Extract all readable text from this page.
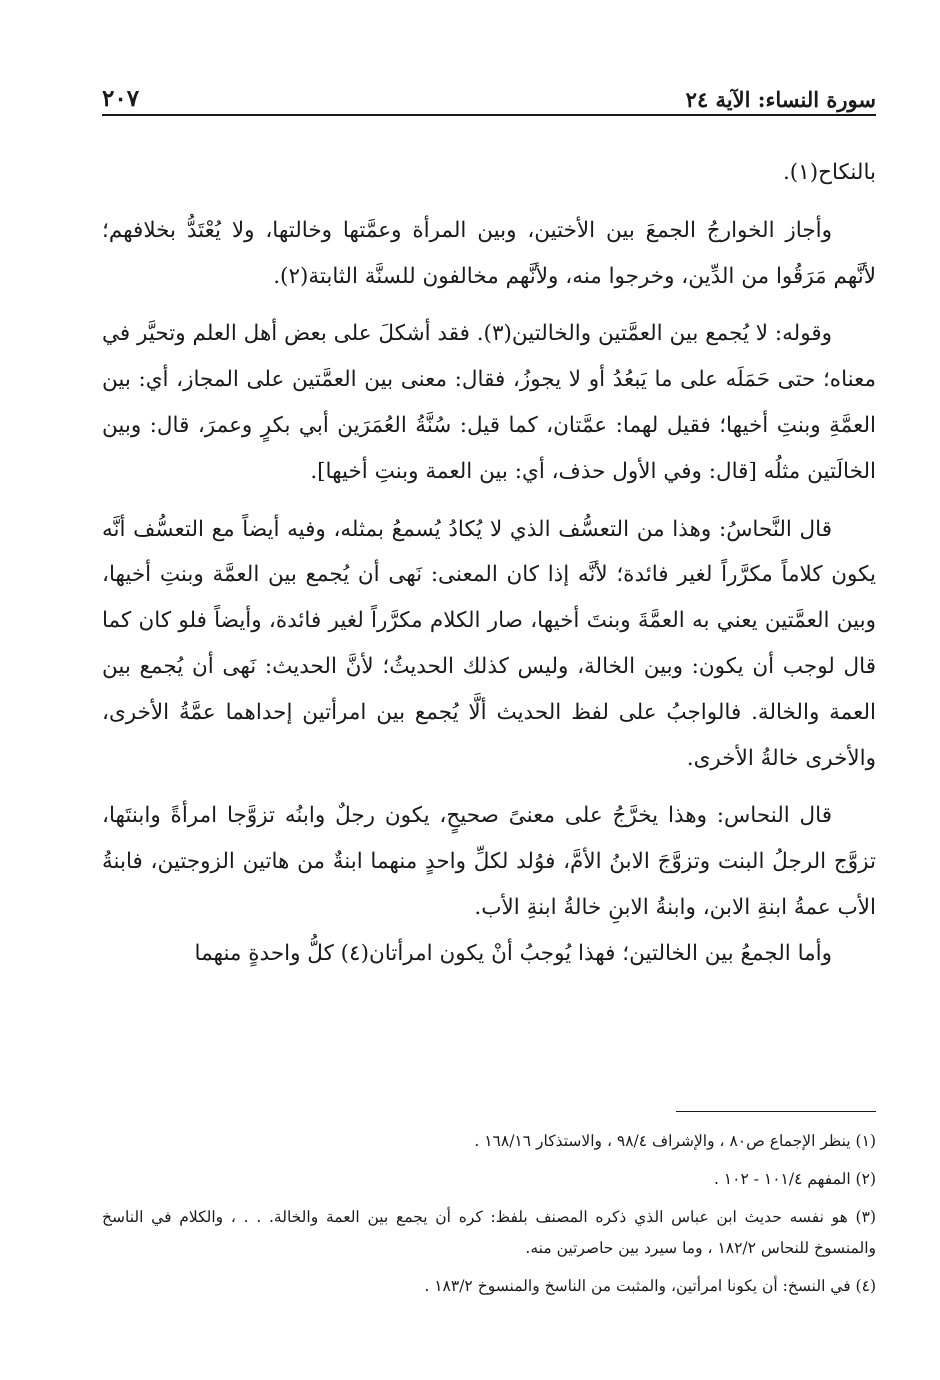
سورة النساء: الآية ٢٤
٢٠٧

بالنكاح(١).

وأجاز الخوارجُ الجمعَ بين الأختين، وبين المرأة وعمَّتها وخالتها، ولا يُعْتَدُّ بخلافهم؛ لأنَّهم مَرَقُوا من الدِّين، وخرجوا منه، ولأنَّهم مخالفون للسنَّة الثابتة(٢).

وقوله: لا يُجمع بين العمَّتين والخالتين(٣). فقد أشكلَ على بعض أهل العلم وتحيَّر في معناه؛ حتى حَمَلَه على ما يَبعُدُ أو لا يجوزُ، فقال: معنى بين العمَّتين على المجاز، أي: بين العمَّةِ وبنتِ أخيها؛ فقيل لهما: عمَّتان، كما قيل: سُنَّةُ العُمَرَين أبي بكرٍ وعمرَ، قال: وبين الخالَتين مثلُه [قال: وفي الأول حذف، أي: بين العمة وبنتِ أخيها].

قال النَّحاسُ: وهذا من التعسُّف الذي لا يُكادُ يُسمعُ بمثله، وفيه أيضاً مع التعسُّف أنَّه يكون كلاماً مكرَّراً لغير فائدة؛ لأنَّه إذا كان المعنى: نَهى أن يُجمع بين العمَّة وبنتِ أخيها، وبين العمَّتين يعني به العمَّةَ وبنتَ أخيها، صار الكلام مكرَّراً لغير فائدة، وأيضاً فلو كان كما قال لوجب أن يكون: وبين الخالة، وليس كذلك الحديثُ؛ لأنَّ الحديث: نَهى أن يُجمع بين العمة والخالة. فالواجبُ على لفظ الحديث ألَّا يُجمع بين امرأتين إحداهما عمَّةُ الأخرى، والأخرى خالةُ الأخرى.

قال النحاس: وهذا يخرَّجُ على معنىً صحيحٍ، يكون رجلٌ وابنُه تزوَّجا امرأةً وابنتَها، تزوَّج الرجلُ البنت وتزوَّجَ الابنُ الأمَّ، فوُلد لكلِّ واحدٍ منهما ابنةٌ من هاتين الزوجتين، فابنةُ الأب عمةُ ابنةِ الابن، وابنةُ الابنِ خالةُ ابنةِ الأب.

وأما الجمعُ بين الخالتين؛ فهذا يُوجبُ أنْ يكون امرأتان(٤) كلُّ واحدةٍ منهما

(١) ينظر الإجماع ص٨٠ ، والإشراف ٩٨/٤ ، والاستذكار ١٦٨/١٦ .

(٢) المفهم ١٠١/٤ - ١٠٢ .

(٣) هو نفسه حديث ابن عباس الذي ذكره المصنف بلفظ: كره أن يجمع بين العمة والخالة. . . ، والكلام في الناسخ والمنسوخ للنحاس ١٨٢/٢ ، وما سيرد بين حاصرتين منه.

(٤) في النسخ: أن يكونا امرأتين، والمثبت من الناسخ والمنسوخ ١٨٣/٢ .
